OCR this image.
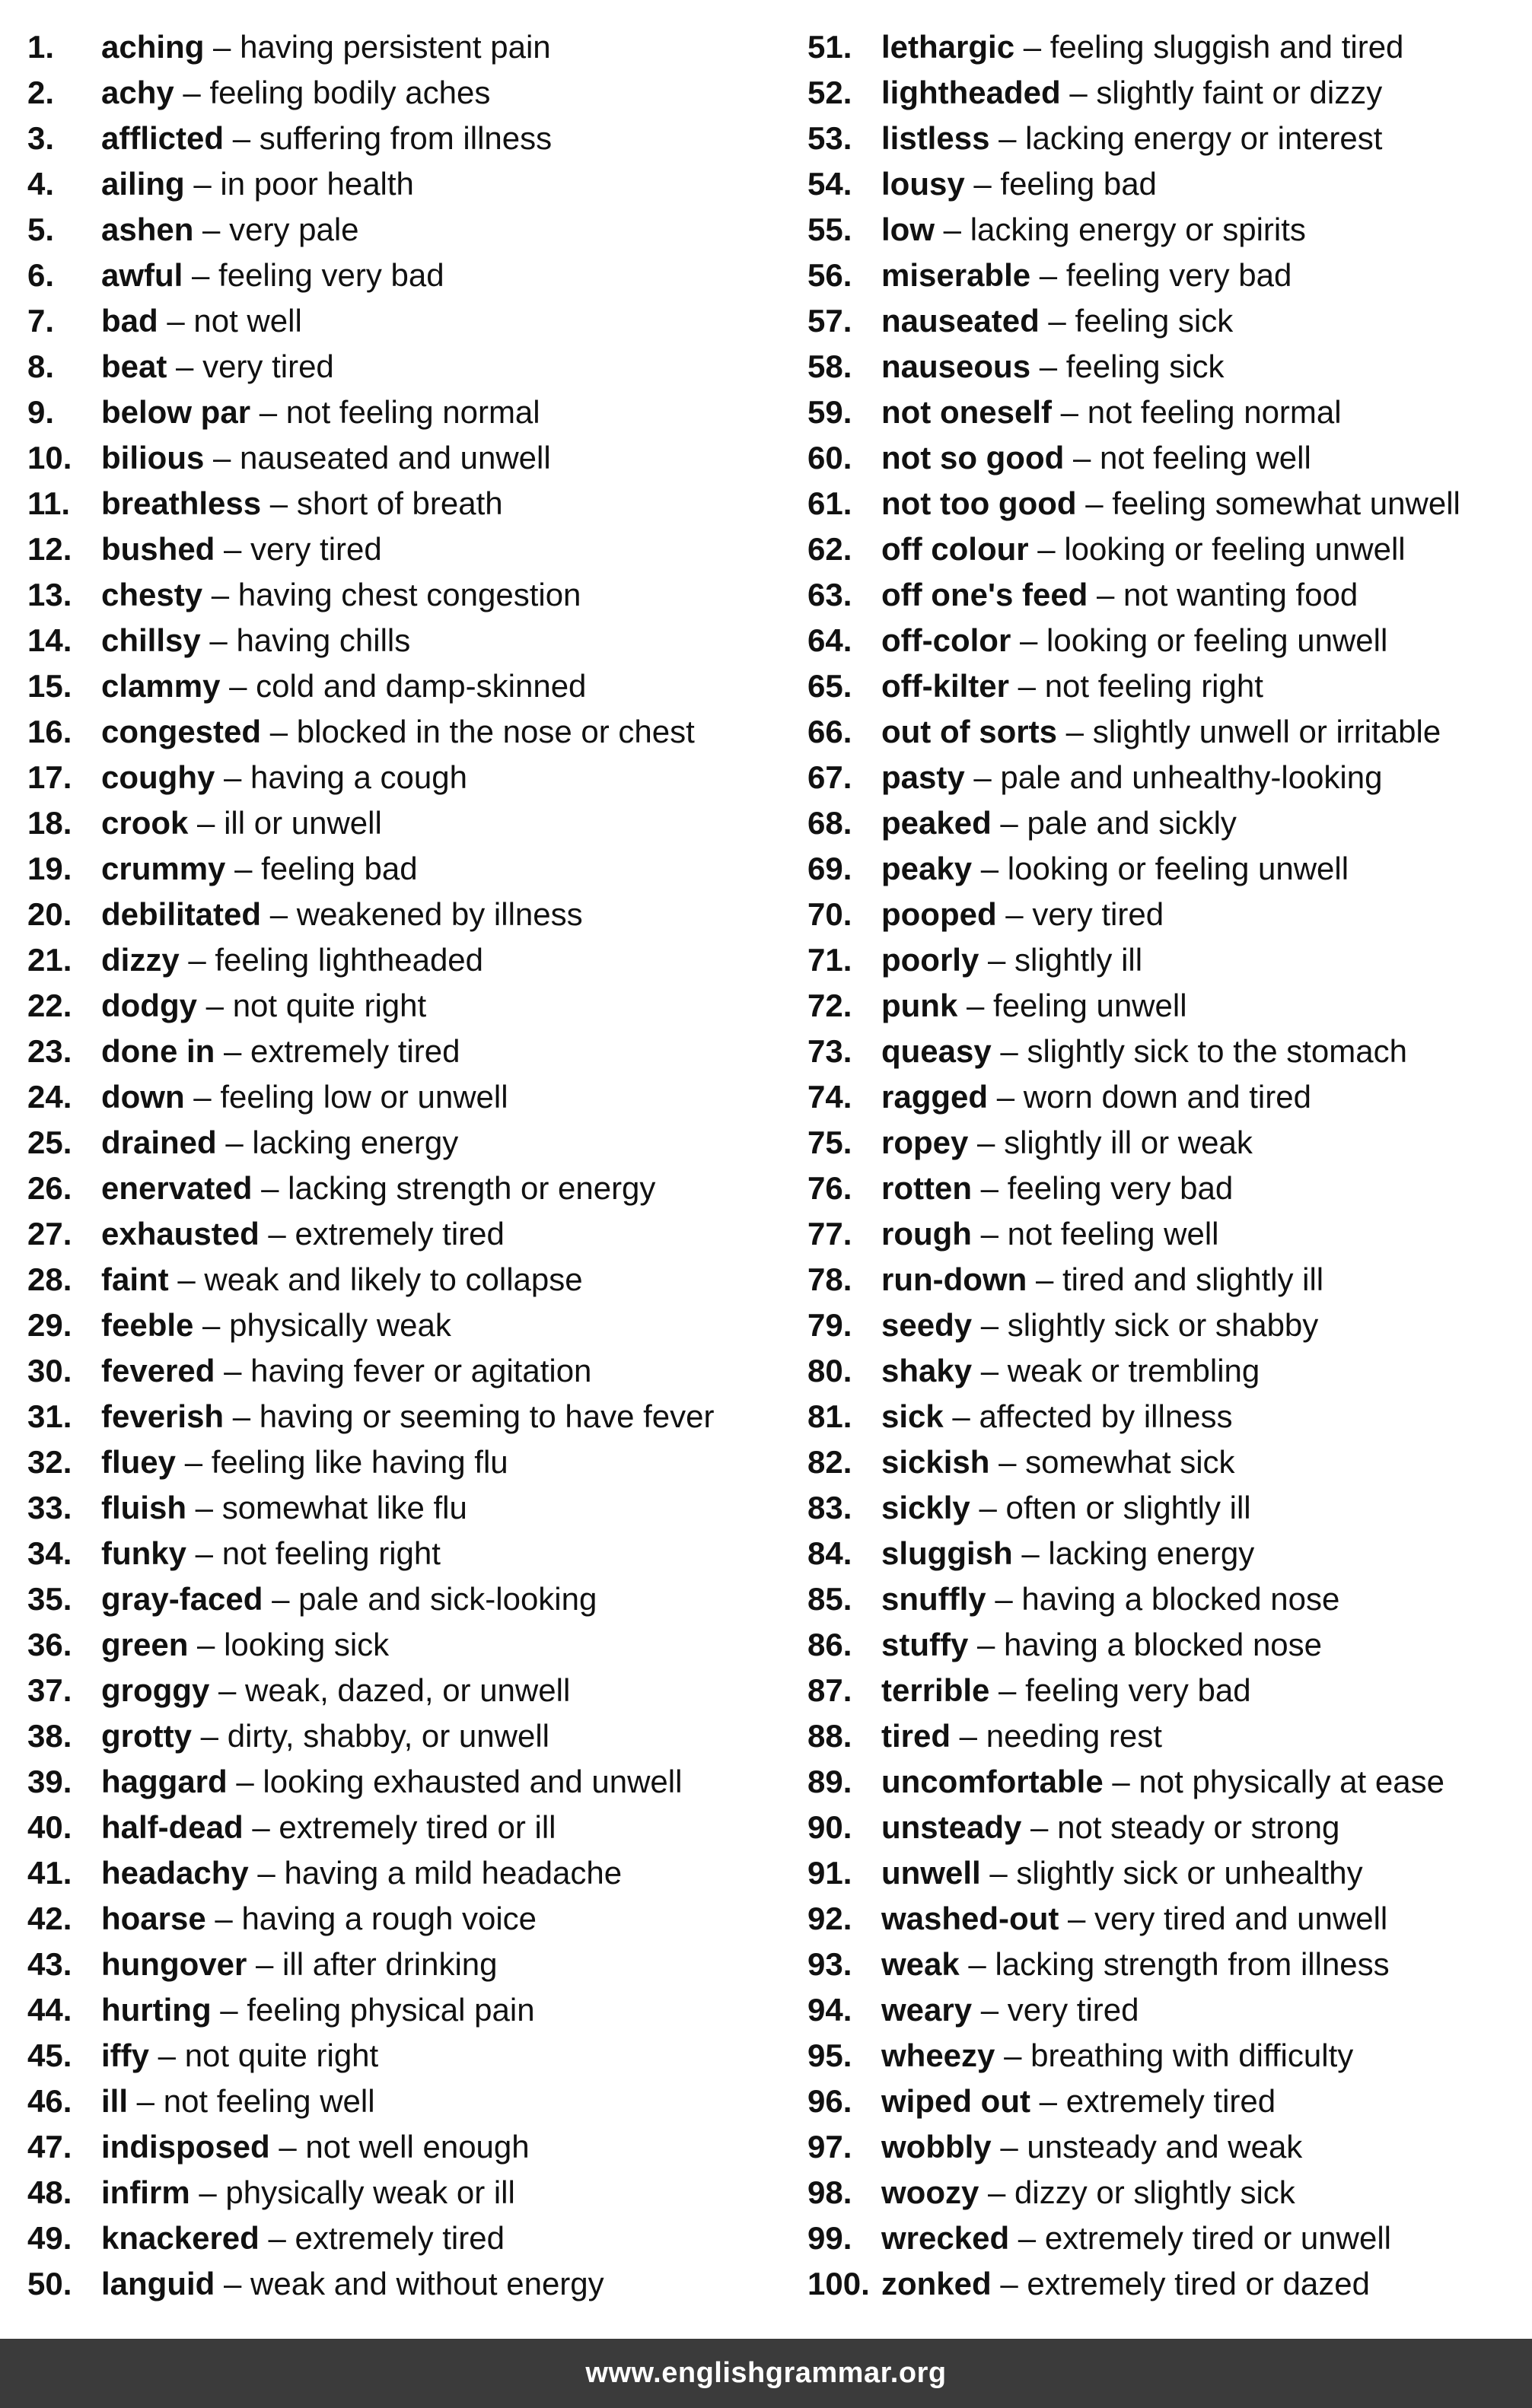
1. aching – having persistent pain
2. achy – feeling bodily aches
3. afflicted – suffering from illness
4. ailing – in poor health
5. ashen – very pale
6. awful – feeling very bad
7. bad – not well
8. beat – very tired
9. below par – not feeling normal
10. bilious – nauseated and unwell
11. breathless – short of breath
12. bushed – very tired
13. chesty – having chest congestion
14. chillsy – having chills
15. clammy – cold and damp-skinned
16. congested – blocked in the nose or chest
17. coughy – having a cough
18. crook – ill or unwell
19. crummy – feeling bad
20. debilitated – weakened by illness
21. dizzy – feeling lightheaded
22. dodgy – not quite right
23. done in – extremely tired
24. down – feeling low or unwell
25. drained – lacking energy
26. enervated – lacking strength or energy
27. exhausted – extremely tired
28. faint – weak and likely to collapse
29. feeble – physically weak
30. fevered – having fever or agitation
31. feverish – having or seeming to have fever
32. fluey – feeling like having flu
33. fluish – somewhat like flu
34. funky – not feeling right
35. gray-faced – pale and sick-looking
36. green – looking sick
37. groggy – weak, dazed, or unwell
38. grotty – dirty, shabby, or unwell
39. haggard – looking exhausted and unwell
40. half-dead – extremely tired or ill
41. headachy – having a mild headache
42. hoarse – having a rough voice
43. hungover – ill after drinking
44. hurting – feeling physical pain
45. iffy – not quite right
46. ill – not feeling well
47. indisposed – not well enough
48. infirm – physically weak or ill
49. knackered – extremely tired
50. languid – weak and without energy
51. lethargic – feeling sluggish and tired
52. lightheaded – slightly faint or dizzy
53. listless – lacking energy or interest
54. lousy – feeling bad
55. low – lacking energy or spirits
56. miserable – feeling very bad
57. nauseated – feeling sick
58. nauseous – feeling sick
59. not oneself – not feeling normal
60. not so good – not feeling well
61. not too good – feeling somewhat unwell
62. off colour – looking or feeling unwell
63. off one's feed – not wanting food
64. off-color – looking or feeling unwell
65. off-kilter – not feeling right
66. out of sorts – slightly unwell or irritable
67. pasty – pale and unhealthy-looking
68. peaked – pale and sickly
69. peaky – looking or feeling unwell
70. pooped – very tired
71. poorly – slightly ill
72. punk – feeling unwell
73. queasy – slightly sick to the stomach
74. ragged – worn down and tired
75. ropey – slightly ill or weak
76. rotten – feeling very bad
77. rough – not feeling well
78. run-down – tired and slightly ill
79. seedy – slightly sick or shabby
80. shaky – weak or trembling
81. sick – affected by illness
82. sickish – somewhat sick
83. sickly – often or slightly ill
84. sluggish – lacking energy
85. snuffly – having a blocked nose
86. stuffy – having a blocked nose
87. terrible – feeling very bad
88. tired – needing rest
89. uncomfortable – not physically at ease
90. unsteady – not steady or strong
91. unwell – slightly sick or unhealthy
92. washed-out – very tired and unwell
93. weak – lacking strength from illness
94. weary – very tired
95. wheezy – breathing with difficulty
96. wiped out – extremely tired
97. wobbly – unsteady and weak
98. woozy – dizzy or slightly sick
99. wrecked – extremely tired or unwell
100. zonked – extremely tired or dazed
www.englishgrammar.org
